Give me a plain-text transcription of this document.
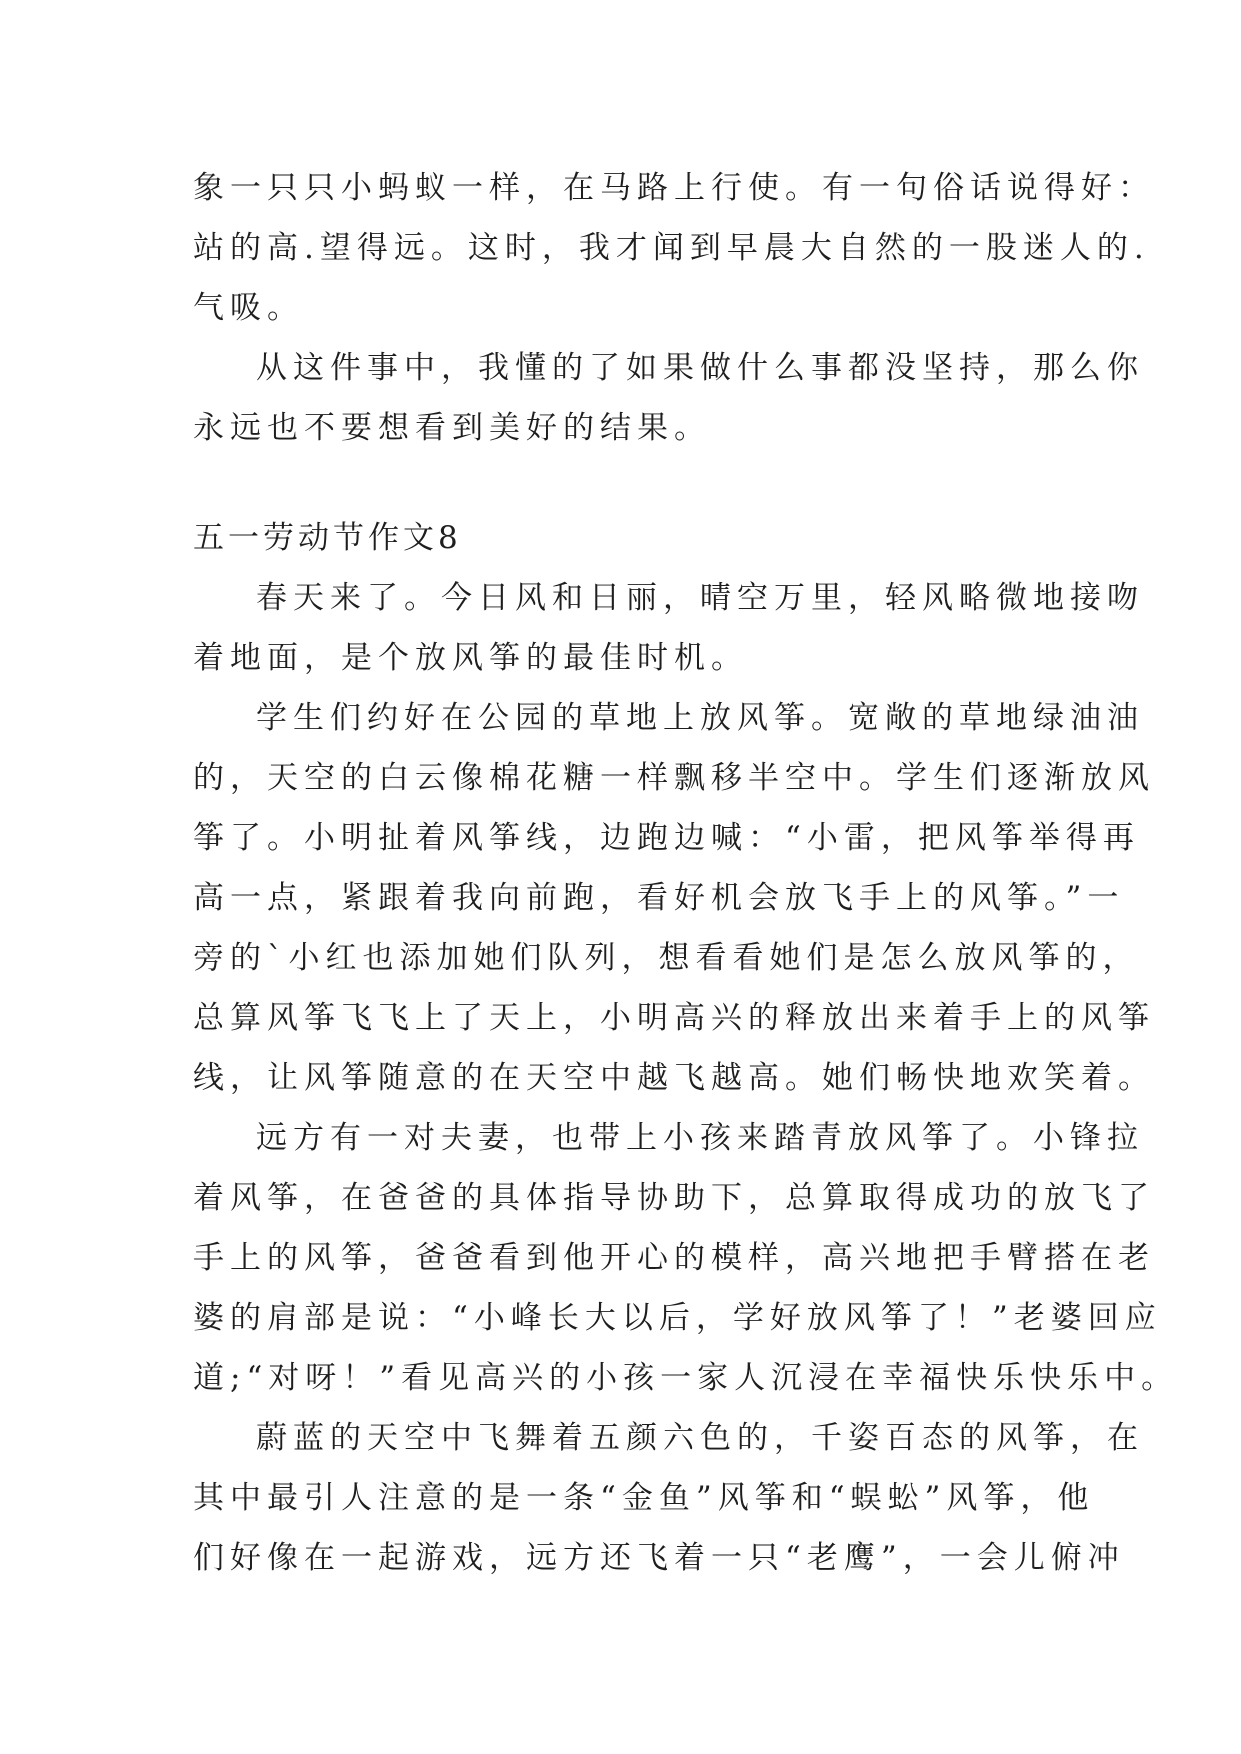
象一只只小蚂蚁一样，在马路上行使。有一句俗话说得好：
站的高.望得远。这时，我才闻到早晨大自然的一股迷人的.
气吸。
从这件事中，我懂的了如果做什么事都没坚持，那么你
永远也不要想看到美好的结果。
五一劳动节作文8
春天来了。今日风和日丽，晴空万里，轻风略微地接吻
着地面，是个放风筝的最佳时机。
学生们约好在公园的草地上放风筝。宽敞的草地绿油油
的，天空的白云像棉花糖一样飘移半空中。学生们逐渐放风
筝了。小明扯着风筝线，边跑边喊：“小雷，把风筝举得再
高一点，紧跟着我向前跑，看好机会放飞手上的风筝。”一
旁的`小红也添加她们队列，想看看她们是怎么放风筝的，
总算风筝飞飞上了天上，小明高兴的释放出来着手上的风筝
线，让风筝随意的在天空中越飞越高。她们畅快地欢笑着。
远方有一对夫妻，也带上小孩来踏青放风筝了。小锋拉
着风筝，在爸爸的具体指导协助下，总算取得成功的放飞了
手上的风筝，爸爸看到他开心的模样，高兴地把手臂搭在老
婆的肩部是说：“小峰长大以后，学好放风筝了！”老婆回应
道;“对呀！”看见高兴的小孩一家人沉浸在幸福快乐快乐中。
蔚蓝的天空中飞舞着五颜六色的，千姿百态的风筝，在
其中最引人注意的是一条“金鱼”风筝和“蜈蚣”风筝，他
们好像在一起游戏，远方还飞着一只“老鹰”，一会儿俯冲
